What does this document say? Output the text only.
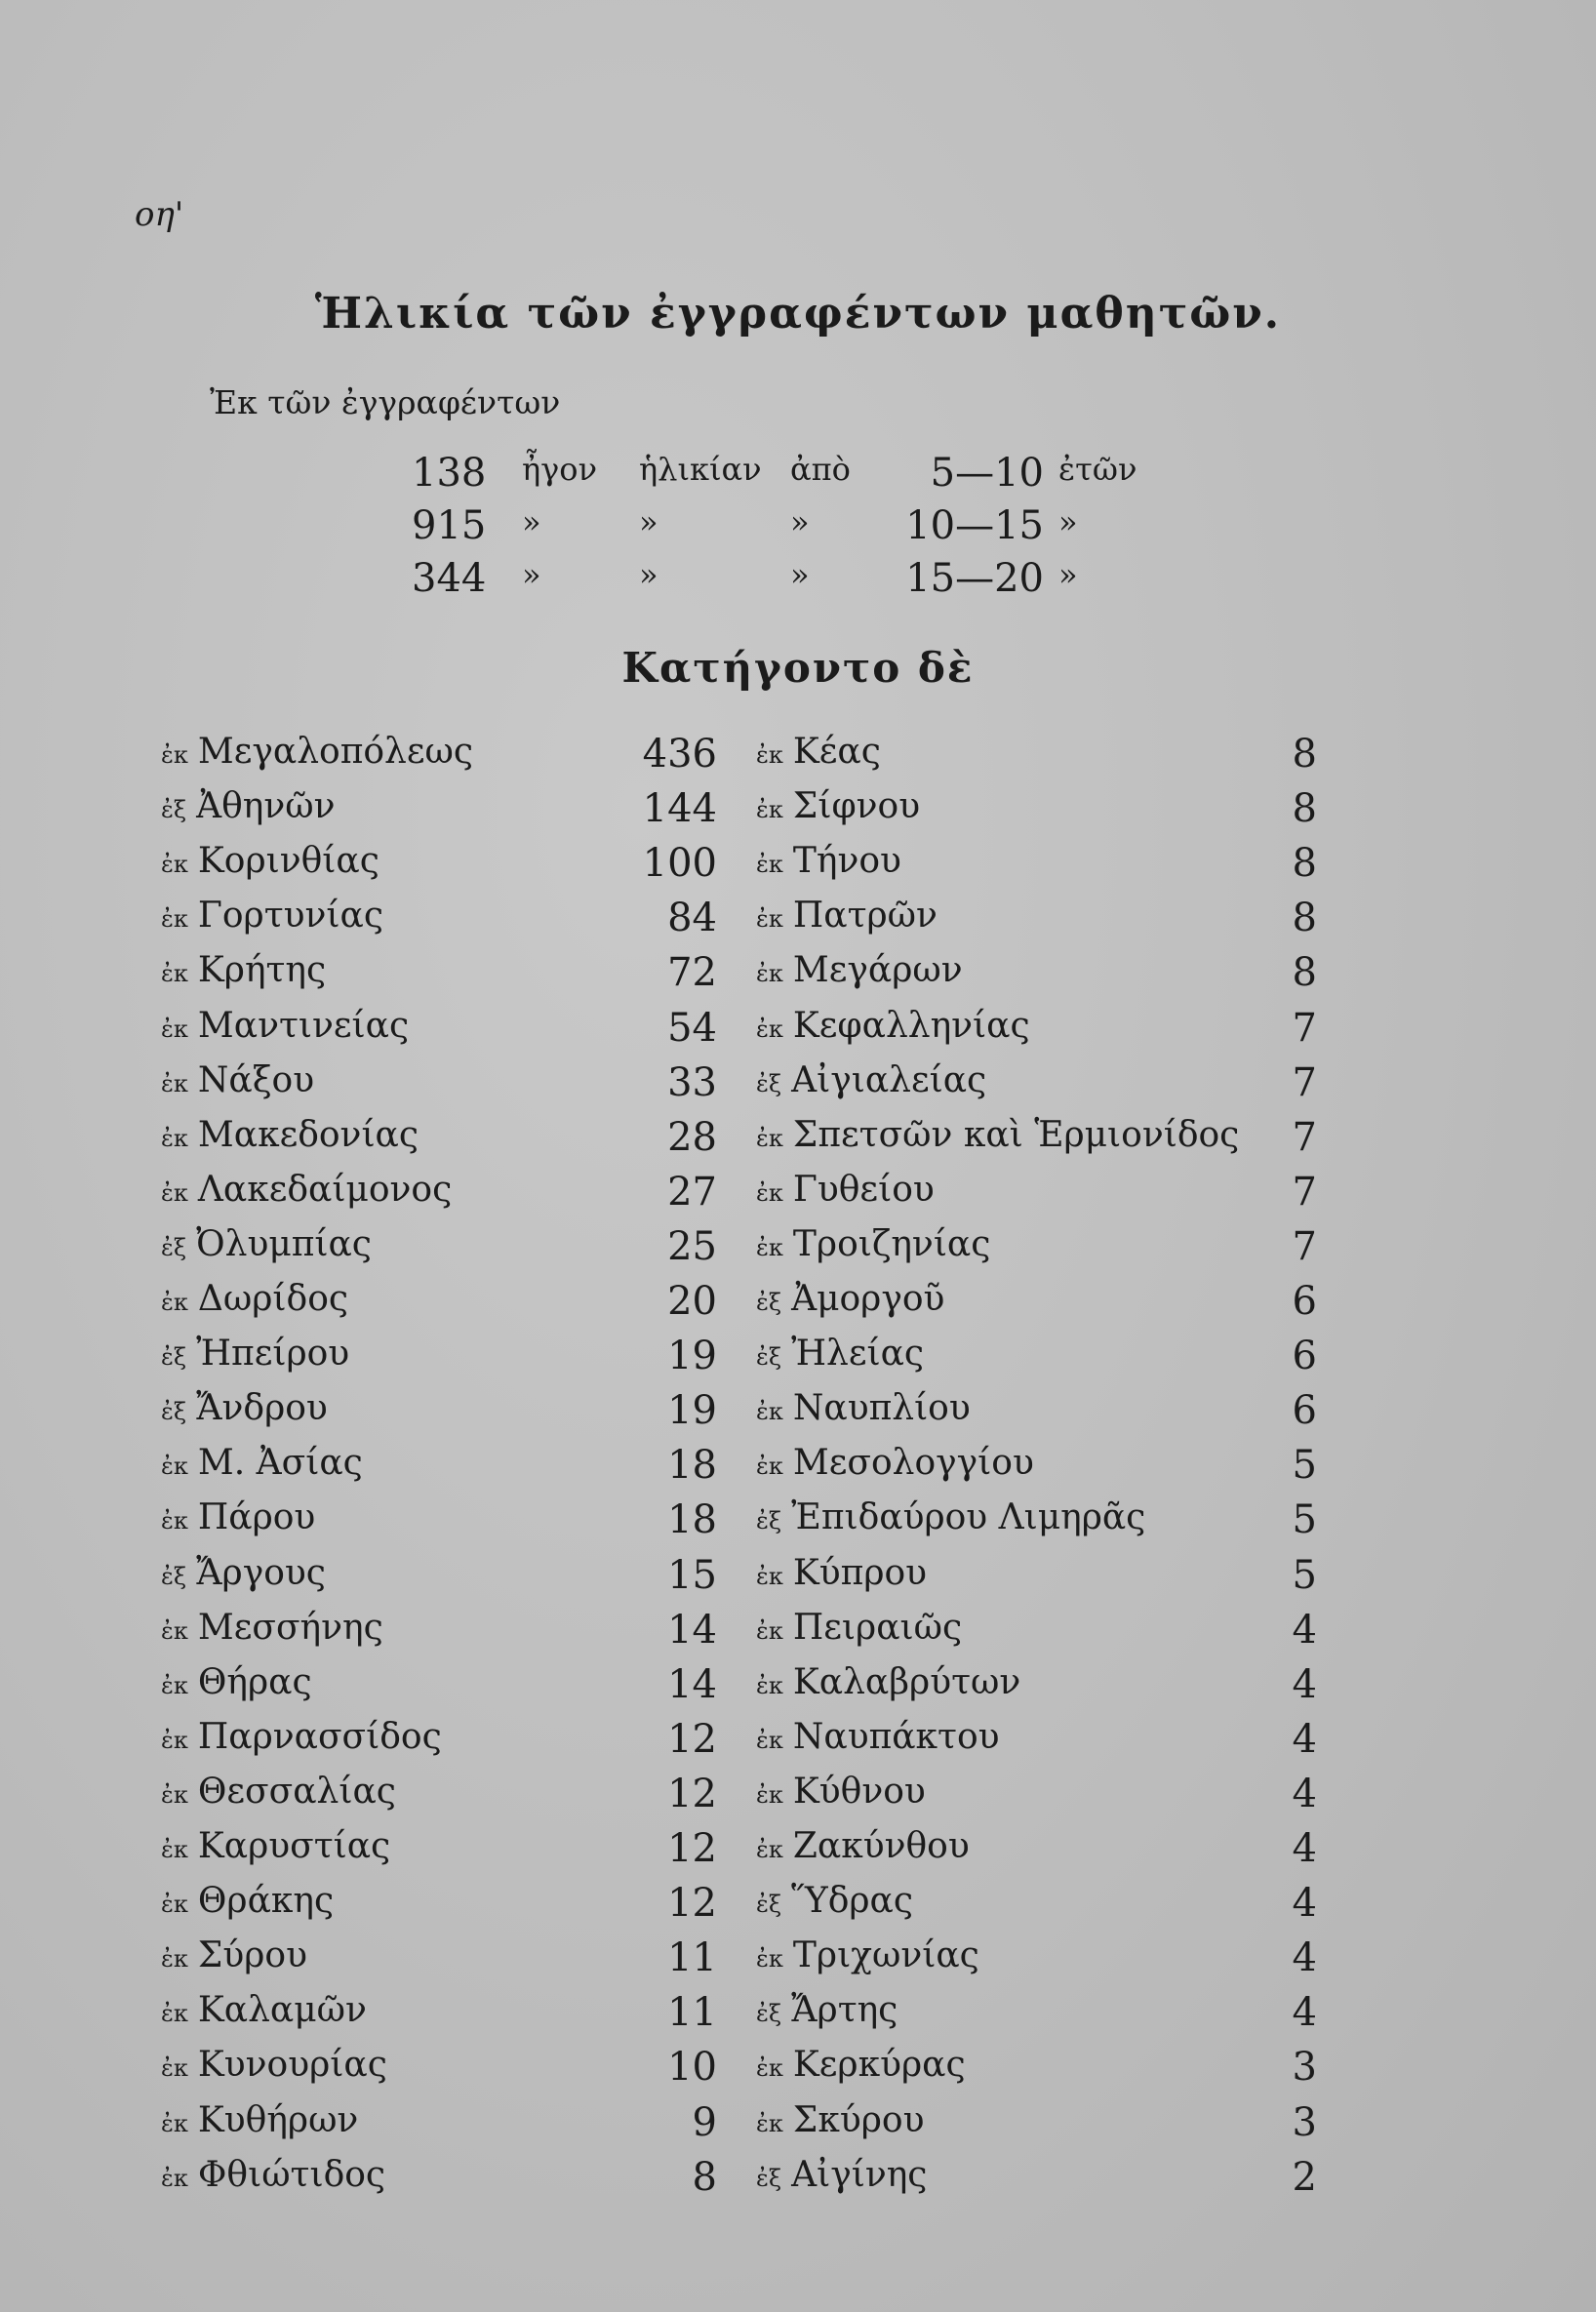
οη'
Ἡλικία τῶν ἐγγραφέντων μαθητῶν.
Ἐκ τῶν ἐγγραφέντων
138 ἦγον ἡλικίαν ἀπὸ	5—10 ἐτῶν
915 »	»	» 10—15 »
344 »	»	» 15—20 »
Κατήγοντο δὲ
ἐκ Μεγαλοπόλεως	436 ἐκ Κέας	8
ἐξ Ἀθηνῶν	144 ἐκ Σίφνου	8
ἐκ Κορινθίας	100 ἐκ Τήνου	8
ἐκ Γορτυνίας	84 ἐκ Πατρῶν	8
ἐκ Κρήτης	72 ἐκ Μεγάρων	8
ἐκ Μαντινείας	54 ἐκ Κεφαλληνίας	7
ἐκ Νάξου	33 ἐξ Αἰγιαλείας	7
ἐκ Μακεδονίας	28 ἐκ Σπετσῶν καὶ Ἑρμιονίδος	7
ἐκ Λακεδαίμονος	27 ἐκ Γυθείου	7
ἐξ Ὀλυμπίας	25 ἐκ Τροιζηνίας	7
ἐκ Δωρίδος	20 ἐξ Ἀμοργοῦ	6
ἐξ Ἠπείρου	19 ἐξ Ἠλείας	6
ἐξ Ἄνδρου	19 ἐκ Ναυπλίου	6
ἐκ Μ. Ἀσίας	18 ἐκ Μεσολογγίου	5
ἐκ Πάρου	18 ἐξ Ἐπιδαύρου Λιμηρᾶς	5
ἐξ Ἄργους	15 ἐκ Κύπρου	5
ἐκ Μεσσήνης	14 ἐκ Πειραιῶς	4
ἐκ Θήρας	14 ἐκ Καλαβρύτων	4
ἐκ Παρνασσίδος	12 ἐκ Ναυπάκτου	4
ἐκ Θεσσαλίας	12 ἐκ Κύθνου	4
ἐκ Καρυστίας	12 ἐκ Ζακύνθου	4
ἐκ Θράκης	12 ἐξ Ὕδρας	4
ἐκ Σύρου	11 ἐκ Τριχωνίας	4
ἐκ Καλαμῶν	11 ἐξ Ἄρτης	4
ἐκ Κυνουρίας	10 ἐκ Κερκύρας	3
ἐκ Κυθήρων	9 ἐκ Σκύρου	3
ἐκ Φθιώτιδος	8 ἐξ Αἰγίνης	2
